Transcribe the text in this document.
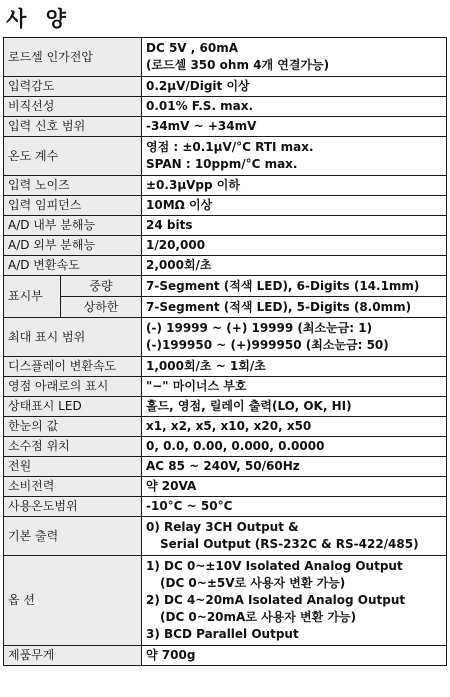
사 양
로드셀 인가전압		DC 5V , 60mA
(로드셀 350 ohm 4개 연결가능)

입력감도		0.2μV/Digit 이상

비직선성		0.01% F.S. max.

입력 신호 범위		-34mV ~ +34mV

온도 계수		영점 : ±0.1μV/°C RTI max.
SPAN : 10ppm/°C max.

입력 노이즈		±0.3μVpp 이하

입력 임피던스		10MΩ 이상

A/D 내부 분해능		24 bits

A/D 외부 분해능		1/20,000

A/D 변환속도		2,000회/초

표시부	중량	7-Segment (적색 LED), 6-Digits (14.1mm)
	상하한	7-Segment (적색 LED), 5-Digits (8.0mm)
최대 표시 범위		(-) 19999 ~ (+) 19999 (최소눈금: 1)
(-)199950 ~ (+)999950 (최소눈금: 50)

디스플레이 변환속도		1,000회/초 ~ 1회/초

영점 아래로의 표시		"−" 마이너스 부호

상태표시 LED		홀드, 영점, 릴레이 출력(LO, OK, HI)

한눈의 값		x1, x2, x5, x10, x20, x50

소수점 위치		0, 0.0, 0.00, 0.000, 0.0000

전원		AC 85 ~ 240V, 50/60Hz

소비전력		약 20VA

사용온도범위		-10°C ~ 50°C

기본 출력		0) Relay 3CH Output &
Serial Output (RS-232C & RS-422/485)

옵 션		1) DC 0~±10V Isolated Analog Output
(DC 0~±5V로 사용자 변환 가능)
2) DC 4~20mA Isolated Analog Output
(DC 0~20mA로 사용자 변환 가능)
3) BCD Parallel Output

제품무게		약 700g
